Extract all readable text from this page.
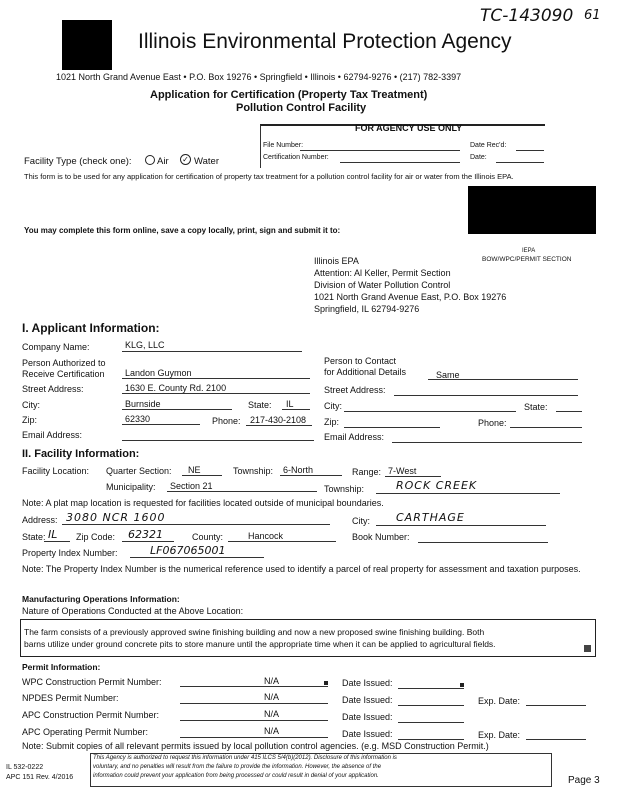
TC-143090 61
Illinois Environmental Protection Agency
1021 North Grand Avenue East • P.O. Box 19276 • Springfield • Illinois • 62794-9276 • (217) 782-3397
Application for Certification (Property Tax Treatment)
Pollution Control Facility
FOR AGENCY USE ONLY
File Number:	Date Rec'd:
Certification Number:	Date:
Facility Type (check one):	Air ✓ Water
This form is to be used for any application for certification of property tax treatment for a pollution control facility for air or water from the Illinois EPA.
You may complete this form online, save a copy locally, print, sign and submit it to:
IEPA
BOW/WPC/PERMIT SECTION
Illinois EPA
Attention: Al Keller, Permit Section
Division of Water Pollution Control
1021 North Grand Avenue East, P.O. Box 19276
Springfield, IL 62794-9276
I. Applicant Information:
Company Name:	KLG, LLC
Person Authorized to
Receive Certification Landon Guymon
Person to Contact
for Additional Details	Same
Street Address:	1630 E. County Rd. 2100	Street Address:
City:	Burnside	State: IL	City:	State:
Zip:	62330	Phone: 217-430-2108 Zip:	Phone:
Email Address:	Email Address:
II. Facility Information:
Facility Location: Quarter Section: NE	Township: 6-North	Range: 7-West
Municipality: Section 21	Township:	ROCK CREEK
Note: A plat map location is requested for facilities located outside of municipal boundaries.
Address: 3080 NCR 1600	City: CARTHAGE
State: IL Zip Code: 62321	County:	Hancock	Book Number:
Property Index Number:	LF067065001
Note: The Property Index Number is the numerical reference used to identify a parcel of real property for assessment and taxation purposes.
Manufacturing Operations Information:
Nature of Operations Conducted at the Above Location:
The farm consists of a previously approved swine finishing building and now a new proposed swine finishing building. Both
barns utilize under ground concrete pits to store manure until the appropriate time when it can be applied to agricultural fields.
Permit Information:
WPC Construction Permit Number:	N/A	Date Issued:
NPDES Permit Number:	N/A	Date Issued:	Exp. Date:
APC Construction Permit Number:	N/A	Date Issued:
APC Operating Permit Number:	N/A	Date Issued:	Exp. Date:
Note: Submit copies of all relevant permits issued by local pollution control agencies. (e.g. MSD Construction Permit.)
IL 532-0222
APC 151 Rev. 4/2016
This Agency is authorized to request this information under 415 ILCS 5/4(b)(2012). Disclosure of this information is
voluntary, and no penalties will result from the failure to provide the information. However, the absence of the
information could prevent your application from being processed or could result in denial of your application.	Page 3
